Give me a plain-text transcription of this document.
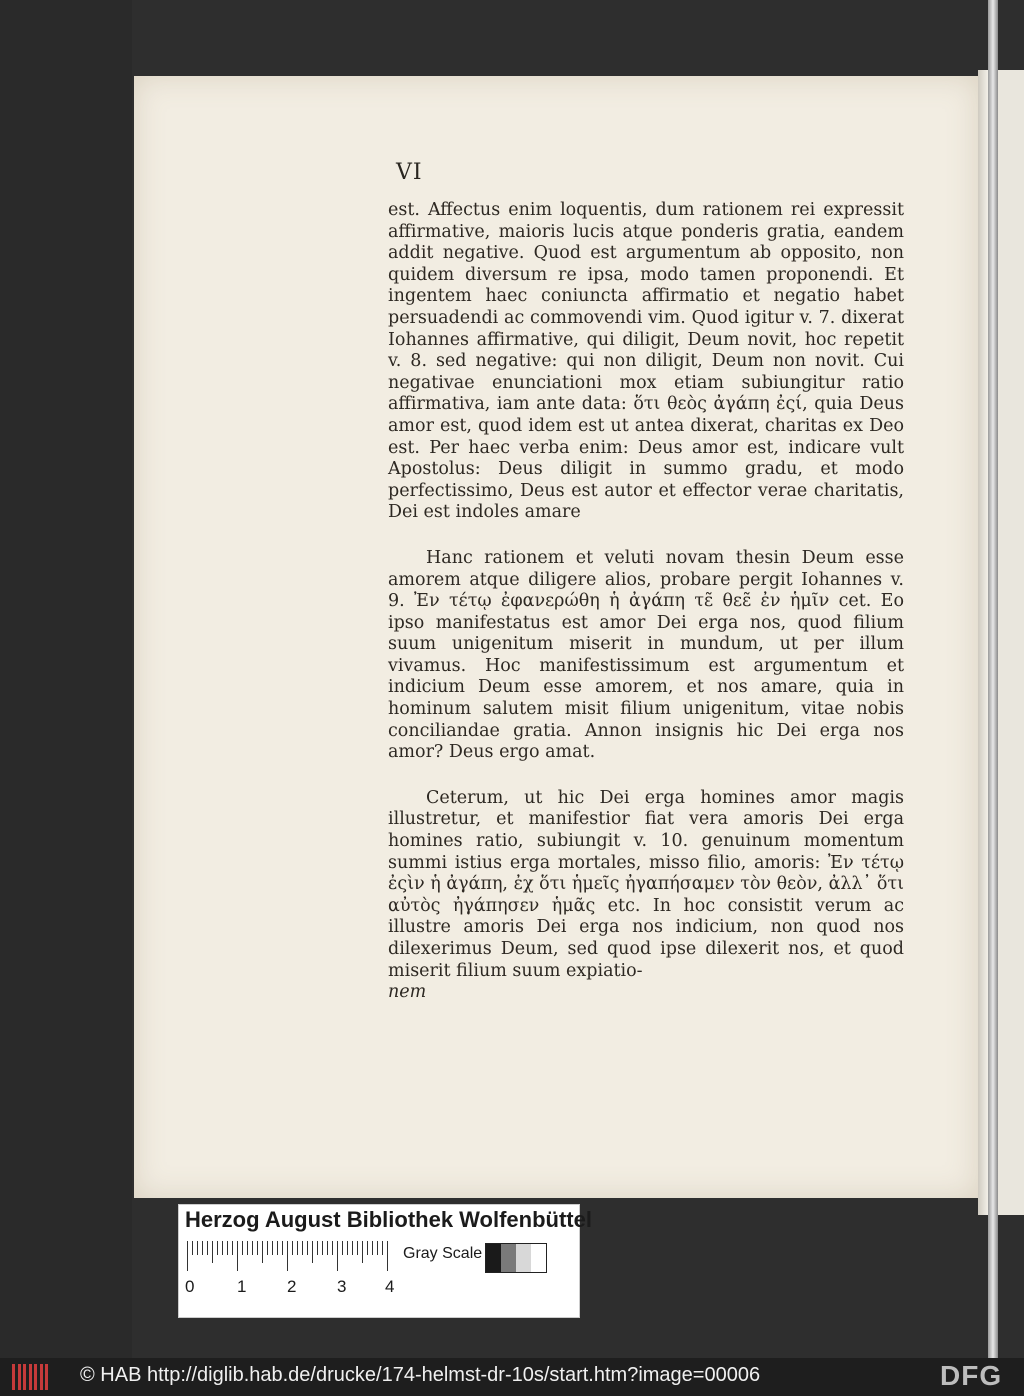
VI

est. Affectus enim loquentis, dum rationem rei expressit affirmative, maioris lucis atque ponderis gratia, eandem addit negative. Quod est argumentum ab opposito, non quidem diversum re ipsa, modo tamen proponendi. Et ingentem haec coniuncta affirmatio et negatio habet persuadendi ac commovendi vim. Quod igitur v. 7. dixerat Iohannes affirmative, qui diligit, Deum novit, hoc repetit v. 8. sed negative: qui non diligit, Deum non novit. Cui negativae enunciationi mox etiam subiungitur ratio affirmativa, iam ante data: ὅτι θεὸς ἀγάπη ἐςί, quia Deus amor est, quod idem est ut antea dixerat, charitas ex Deo est. Per haec verba enim: Deus amor est, indicare vult Apostolus: Deus diligit in summo gradu, et modo perfectissimo, Deus est autor et effector verae charitatis, Dei est indoles amare

Hanc rationem et veluti novam thesin Deum esse amorem atque diligere alios, probare pergit Iohannes v. 9. Ἐν τέτῳ ἐφανερώθη ἡ ἀγάπη τε̃ θεε̃ ἐν ἡμῖν cet. Eo ipso manifestatus est amor Dei erga nos, quod filium suum unigenitum miserit in mundum, ut per illum vivamus. Hoc manifestissimum est argumentum et indicium Deum esse amorem, et nos amare, quia in hominum salutem misit filium unigenitum, vitae nobis conciliandae gratia. Annon insignis hic Dei erga nos amor? Deus ergo amat.

Ceterum, ut hic Dei erga homines amor magis illustretur, et manifestior fiat vera amoris Dei erga homines ratio, subiungit v. 10. genuinum momentum summi istius erga mortales, misso filio, amoris: Ἐν τέτῳ ἐςὶν ἡ ἀγάπη, ἐχ ὅτι ἡμεῖς ἠγαπήσαμεν τὸν θεὸν, ἀλλ᾽ ὅτι αὐτὸς ἠγάπησεν ἡμᾶς etc. In hoc consistit verum ac illustre amoris Dei erga nos indicium, non quod nos dilexerimus Deum, sed quod ipse dilexerit nos, et quod miserit filium suum expiatio-

nem

Herzog August Bibliothek Wolfenbüttel
0	1 2 3 4
Gray Scale
© HAB http://diglib.hab.de/drucke/174-helmst-dr-10s/start.htm?image=00006	DFG
